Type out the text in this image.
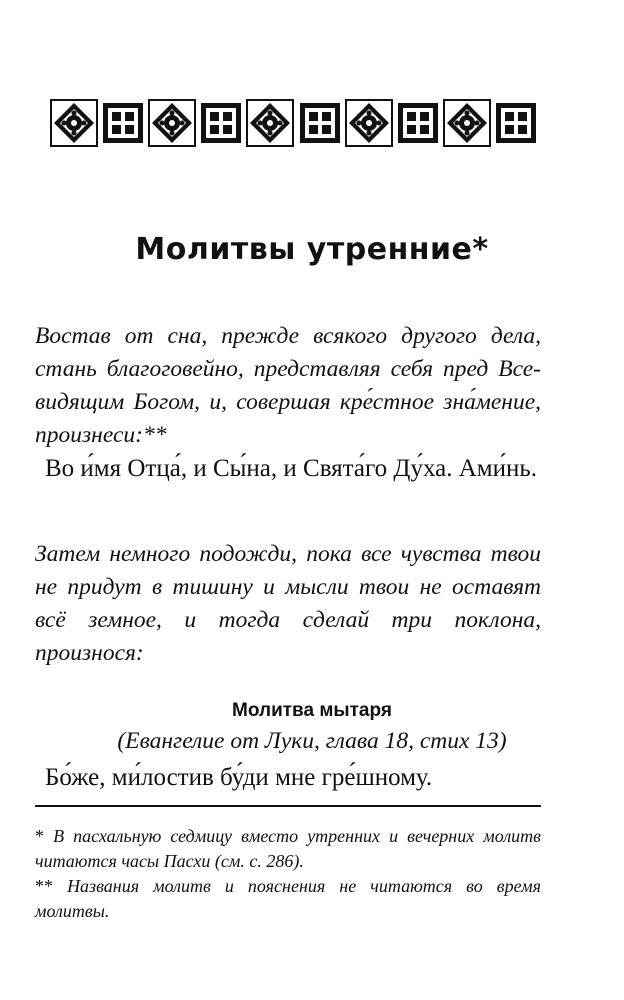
Молитвы утренние*

Востав от сна, прежде всякого другого дела, стань благоговейно, представляя себя пред Всевидящим Богом, и, совершая кре́стное зна́мение, произнеси:**

Во и́мя Отца́, и Сы́на, и Свята́го Ду́ха. Ами́нь.

Затем немного подожди, пока все чувства твои не придут в тишину и мысли твои не оставят всё земное, и тогда сделай три поклона, произнося:

Молитва мытаря
(Евангелие от Луки, глава 18, стих 13)

Бо́же, ми́лостив бу́ди мне гре́шному.

* В пасхальную седмицу вместо утренних и вечерних молитв читаются часы Пасхи (см. с. 286).

** Названия молитв и пояснения не читаются во время молитвы.
